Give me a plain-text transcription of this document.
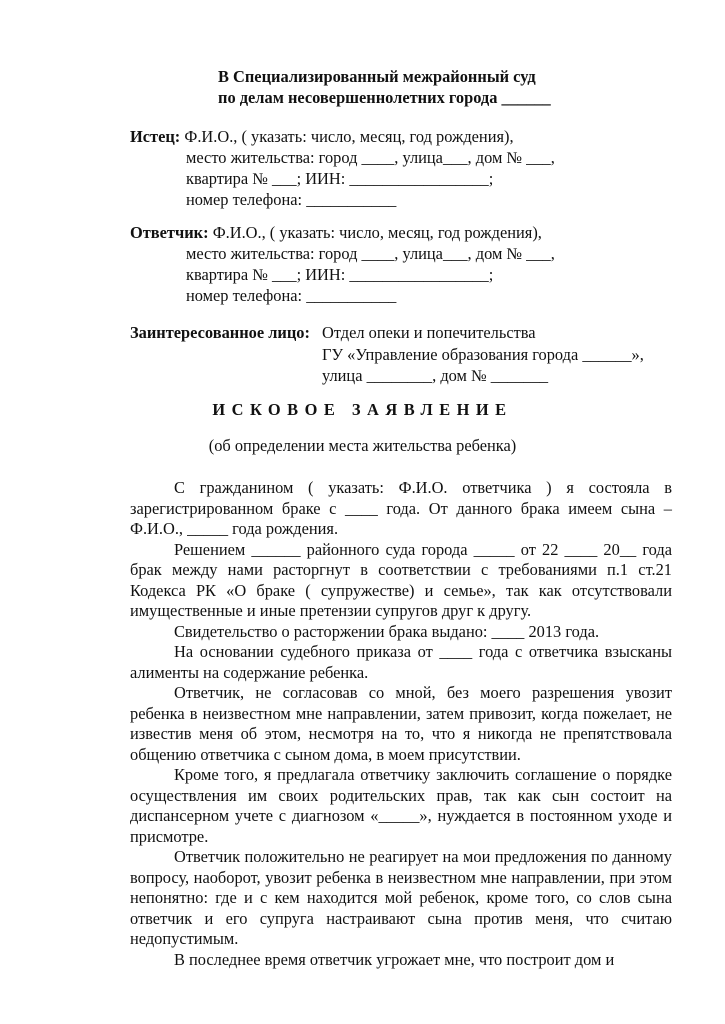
В Специализированный межрайонный суд
по делам несовершеннолетних города ______
Истец: Ф.И.О., ( указать: число, месяц, год рождения),
место жительства: город ____, улица___, дом № ___,
квартира № ___; ИИН: _________________;
номер телефона: ___________
Ответчик: Ф.И.О., ( указать: число, месяц, год рождения),
место жительства: город ____, улица___, дом № ___,
квартира № ___; ИИН: _________________;
номер телефона: ___________
Заинтересованное лицо: Отдел опеки и попечительства
ГУ «Управление образования города ______»,
улица ________, дом № _______
ИСКОВОЕ ЗАЯВЛЕНИЕ
(об определении места жительства ребенка)

С гражданином ( указать: Ф.И.О. ответчика ) я состояла в зарегистрированном браке с ____ года. От данного брака имеем сына – Ф.И.О., _____ года рождения.

Решением ______ районного суда города _____ от 22 ____ 20__ года брак между нами расторгнут в соответствии с требованиями п.1 ст.21 Кодекса РК «О браке ( супружестве) и семье», так как отсутствовали имущественные и иные претензии супругов друг к другу.

Свидетельство о расторжении брака выдано: ____ 2013 года.

На основании судебного приказа от ____ года с ответчика взысканы алименты на содержание ребенка.

Ответчик, не согласовав со мной, без моего разрешения увозит ребенка в неизвестном мне направлении, затем привозит, когда пожелает, не известив меня об этом, несмотря на то, что я никогда не препятствовала общению ответчика с сыном дома, в моем присутствии.

Кроме того, я предлагала ответчику заключить соглашение о порядке осуществления им своих родительских прав, так как сын состоит на диспансерном учете с диагнозом «_____», нуждается в постоянном уходе и присмотре.

Ответчик положительно не реагирует на мои предложения по данному вопросу, наоборот, увозит ребенка в неизвестном мне направлении, при этом непонятно: где и с кем находится мой ребенок, кроме того, со слов сына ответчик и его супруга настраивают сына против меня, что считаю недопустимым.

В последнее время ответчик угрожает мне, что построит дом и
